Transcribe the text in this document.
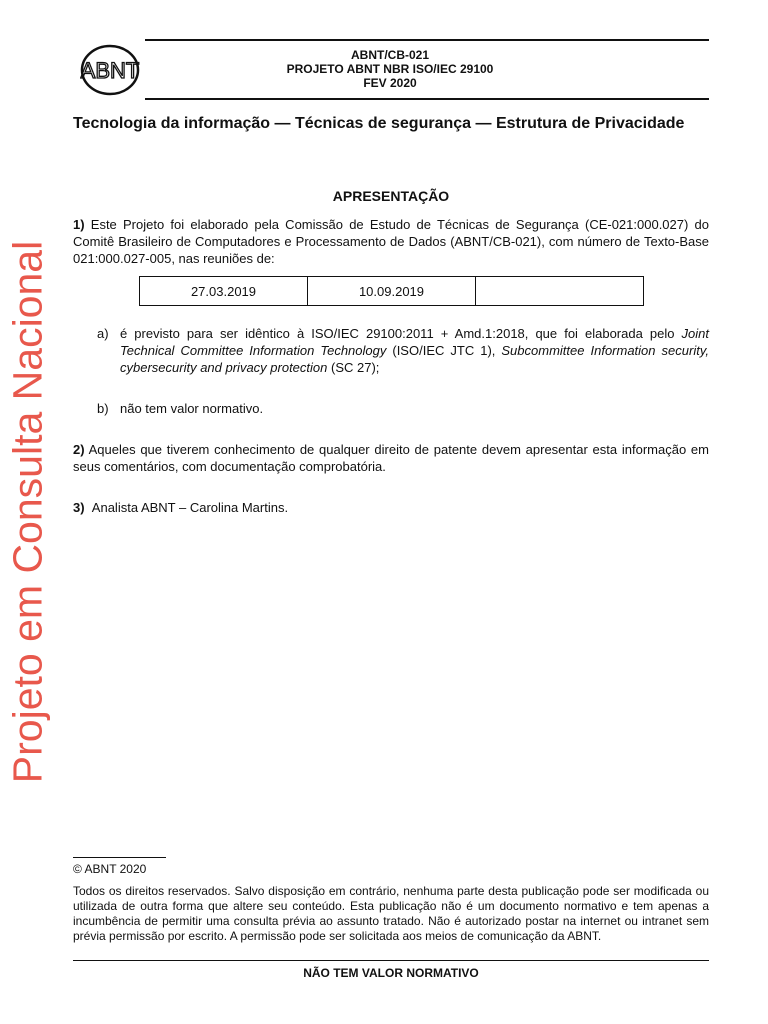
ABNT
ABNT/CB-021
PROJETO ABNT NBR ISO/IEC 29100
FEV 2020
Tecnologia da informação — Técnicas de segurança — Estrutura de Privacidade
APRESENTAÇÃO
1) Este Projeto foi elaborado pela Comissão de Estudo de Técnicas de Segurança (CE-021:000.027) do Comitê Brasileiro de Computadores e Processamento de Dados (ABNT/CB-021), com número de Texto-Base 021:000.027-005, nas reuniões de:
27.03.2019	10.09.2019	
a) é previsto para ser idêntico à ISO/IEC 29100:2011 + Amd.1:2018, que foi elaborada pelo Joint Technical Committee Information Technology (ISO/IEC JTC 1), Subcommittee Information security, cybersecurity and privacy protection (SC 27);
b) não tem valor normativo.
2) Aqueles que tiverem conhecimento de qualquer direito de patente devem apresentar esta informação em seus comentários, com documentação comprobatória.
3) Analista ABNT – Carolina Martins.
Projeto em Consulta Nacional
© ABNT 2020
Todos os direitos reservados. Salvo disposição em contrário, nenhuma parte desta publicação pode ser modificada ou utilizada de outra forma que altere seu conteúdo. Esta publicação não é um documento normativo e tem apenas a incumbência de permitir uma consulta prévia ao assunto tratado. Não é autorizado postar na internet ou intranet sem prévia permissão por escrito. A permissão pode ser solicitada aos meios de comunicação da ABNT.
NÃO TEM VALOR NORMATIVO
